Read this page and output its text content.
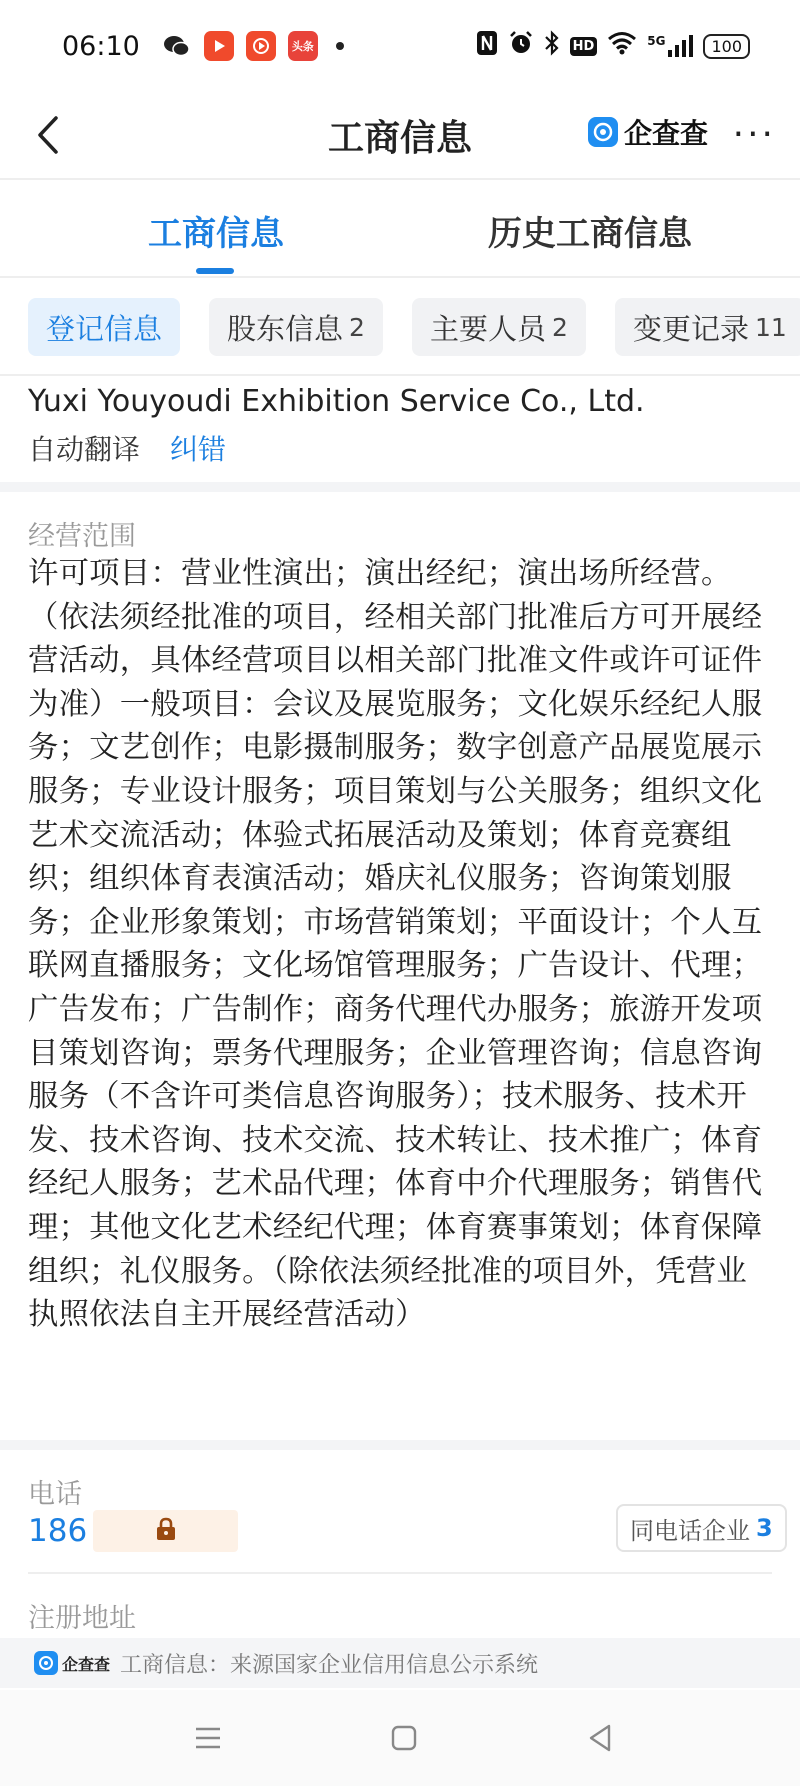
06:10	头条	HD	5G	100
工商信息	企查查 ···
工商信息	历史工商信息
登记信息 股东信息 2 主要人员 2 变更记录 11
Yuxi Youyoudi Exhibition Service Co., Ltd.
自动翻译 纠错
经营范围
许可项目：营业性演出；演出经纪；演出场所经营。（依法须经批准的项目，经相关部门批准后方可开展经营活动，具体经营项目以相关部门批准文件或许可证件为准）一般项目：会议及展览服务；文化娱乐经纪人服务；文艺创作；电影摄制服务；数字创意产品展览展示服务；专业设计服务；项目策划与公关服务；组织文化艺术交流活动；体验式拓展活动及策划；体育竞赛组织；组织体育表演活动；婚庆礼仪服务；咨询策划服务；企业形象策划；市场营销策划；平面设计；个人互联网直播服务；文化场馆管理服务；广告设计、代理；广告发布；广告制作；商务代理代办服务；旅游开发项目策划咨询；票务代理服务；企业管理咨询；信息咨询服务（不含许可类信息咨询服务）；技术服务、技术开发、技术咨询、技术交流、技术转让、技术推广；体育经纪人服务；艺术品代理；体育中介代理服务；销售代理；其他文化艺术经纪代理；体育赛事策划；体育保障组织；礼仪服务。（除依法须经批准的项目外，凭营业执照依法自主开展经营活动）
电话
186	同电话企业 3
注册地址
企查查 工商信息：来源国家企业信用信息公示系统
